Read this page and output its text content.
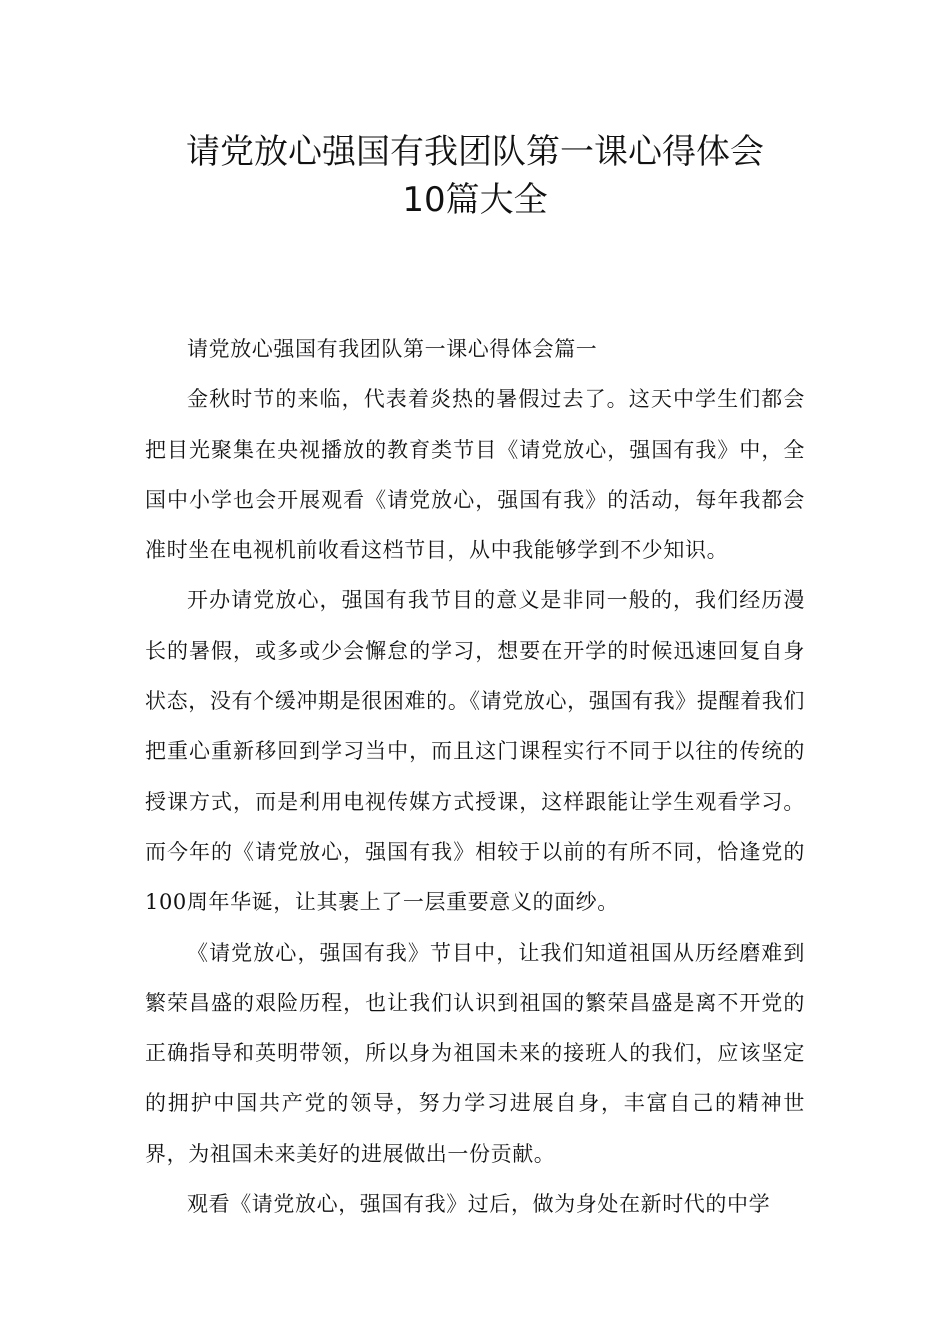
请党放心强国有我团队第一课心得体会
10篇大全

请党放心强国有我团队第一课心得体会篇一

金秋时节的来临，代表着炎热的暑假过去了。这天中学生们都会把目光聚集在央视播放的教育类节目《请党放心，强国有我》中，全国中小学也会开展观看《请党放心，强国有我》的活动，每年我都会准时坐在电视机前收看这档节目，从中我能够学到不少知识。

开办请党放心，强国有我节目的意义是非同一般的，我们经历漫长的暑假，或多或少会懈怠的学习，想要在开学的时候迅速回复自身状态，没有个缓冲期是很困难的。《请党放心，强国有我》提醒着我们把重心重新移回到学习当中，而且这门课程实行不同于以往的传统的授课方式，而是利用电视传媒方式授课，这样跟能让学生观看学习。而今年的《请党放心，强国有我》相较于以前的有所不同，恰逢党的100周年华诞，让其裹上了一层重要意义的面纱。

《请党放心，强国有我》节目中，让我们知道祖国从历经磨难到繁荣昌盛的艰险历程，也让我们认识到祖国的繁荣昌盛是离不开党的正确指导和英明带领，所以身为祖国未来的接班人的我们，应该坚定的拥护中国共产党的领导，努力学习进展自身，丰富自己的精神世界，为祖国未来美好的进展做出一份贡献。

观看《请党放心，强国有我》过后，做为身处在新时代的中学
